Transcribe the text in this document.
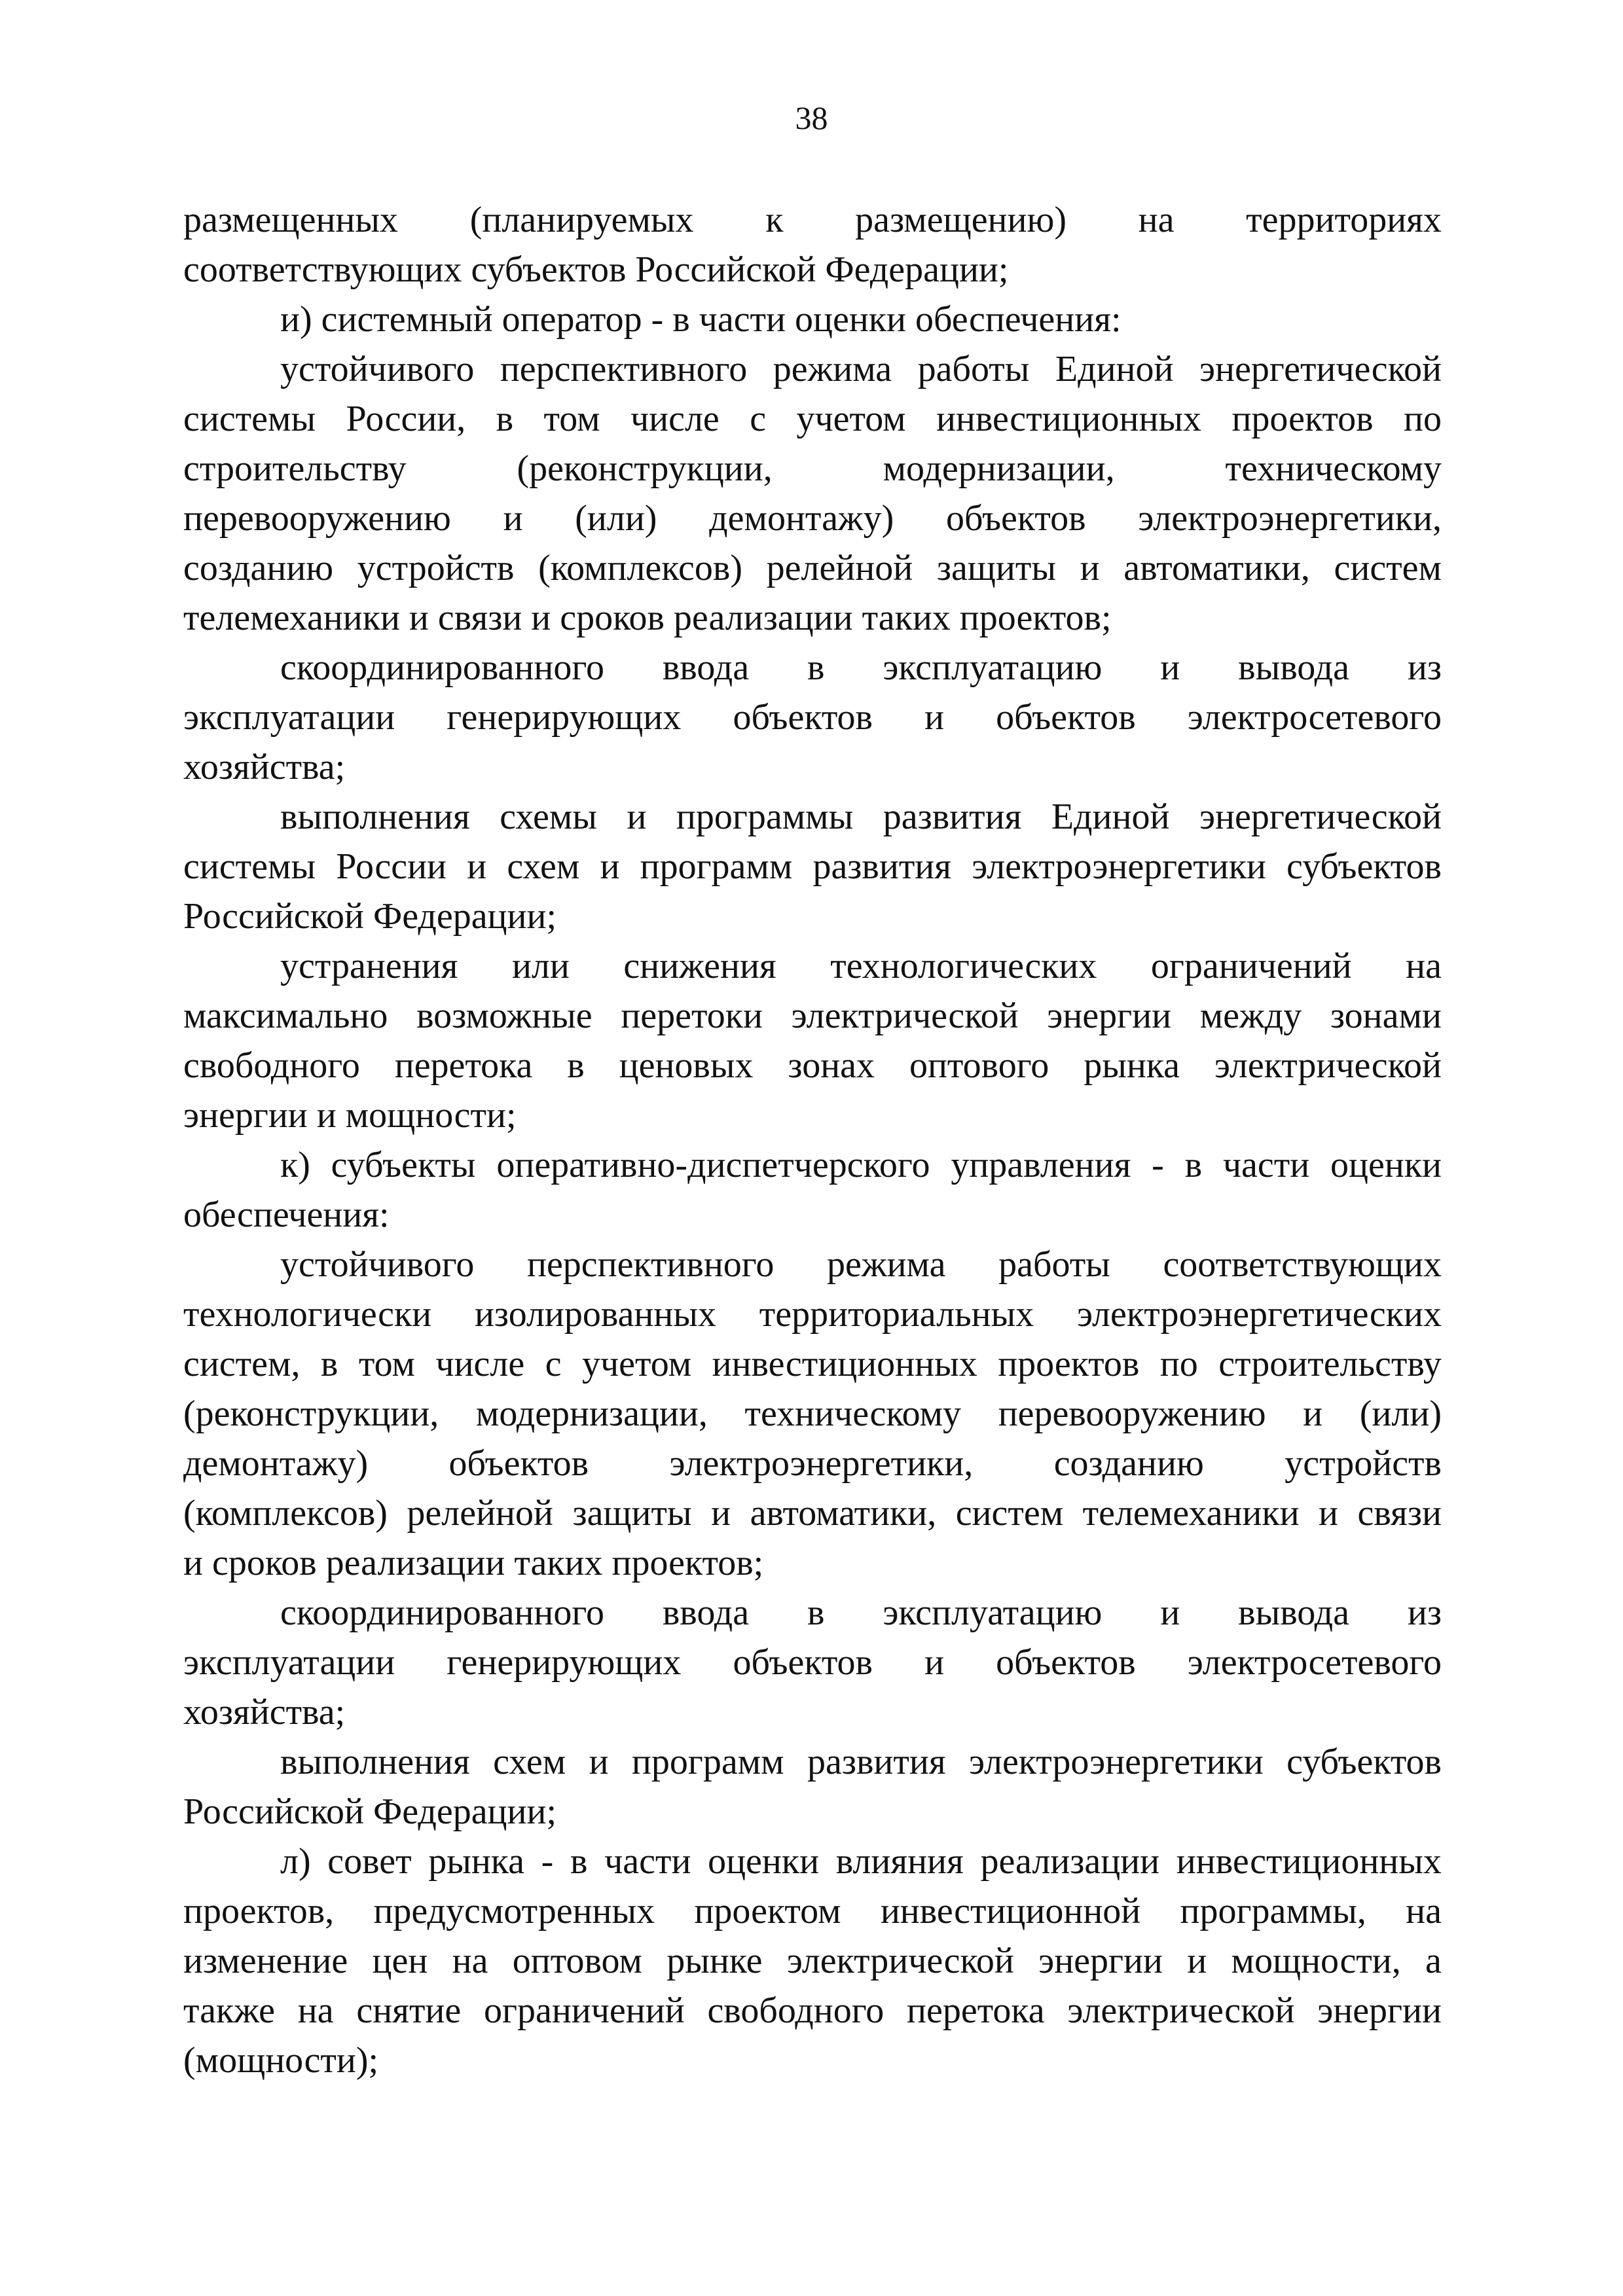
38
размещенных (планируемых к размещению) на территориях
соответствующих субъектов Российской Федерации;
и) системный оператор - в части оценки обеспечения:
устойчивого перспективного режима работы Единой энергетической
системы России, в том числе с учетом инвестиционных проектов по
строительству	(реконструкции,	модернизации,	техническому
перевооружению и (или) демонтажу) объектов электроэнергетики,
созданию устройств (комплексов) релейной защиты и автоматики, систем
телемеханики и связи и сроков реализации таких проектов;
скоординированного ввода в эксплуатацию и вывода из
эксплуатации генерирующих объектов и объектов электросетевого
хозяйства;
выполнения схемы и программы развития Единой энергетической
системы России и схем и программ развития электроэнергетики субъектов
Российской Федерации;
устранения или снижения технологических ограничений на
максимально возможные перетоки электрической энергии между зонами
свободного перетока в ценовых зонах оптового рынка электрической
энергии и мощности;
к) субъекты оперативно-диспетчерского управления - в части оценки
обеспечения:
устойчивого перспективного режима работы соответствующих
технологически изолированных территориальных электроэнергетических
систем, в том числе с учетом инвестиционных проектов по строительству
(реконструкции, модернизации, техническому перевооружению и (или)
демонтажу) объектов электроэнергетики, созданию устройств
(комплексов) релейной защиты и автоматики, систем телемеханики и связи
и сроков реализации таких проектов;
скоординированного ввода в эксплуатацию и вывода из
эксплуатации генерирующих объектов и объектов электросетевого
хозяйства;
выполнения схем и программ развития электроэнергетики субъектов
Российской Федерации;
л) совет рынка - в части оценки влияния реализации инвестиционных
проектов, предусмотренных проектом инвестиционной программы, на
изменение цен на оптовом рынке электрической энергии и мощности, а
также на снятие ограничений свободного перетока электрической энергии
(мощности);
